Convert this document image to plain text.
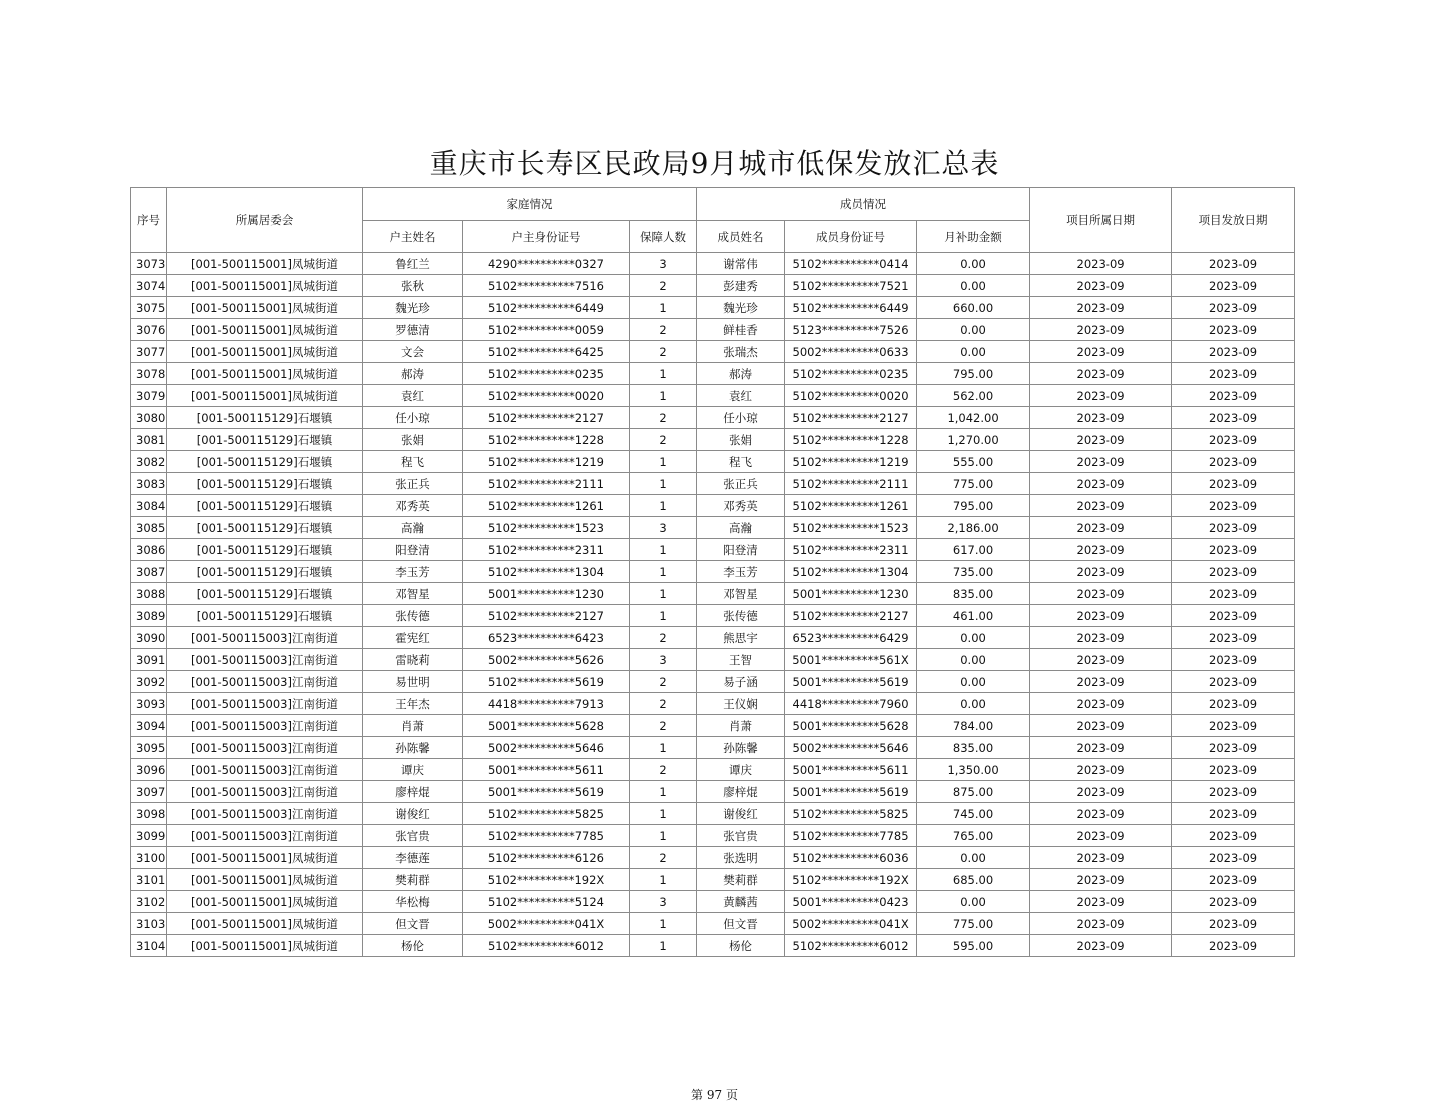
重庆市长寿区民政局9月城市低保发放汇总表
序号	所属居委会	家庭情况			成员情况			项目所属日期	项目发放日期
		户主姓名	户主身份证号	保障人数	成员姓名	成员身份证号	月补助金额		
3073	[001-500115001]凤城街道	鲁红兰	4290**********0327	3	谢常伟	5102**********0414	0.00	2023-09	2023-09
3074	[001-500115001]凤城街道	张秋	5102**********7516	2	彭建秀	5102**********7521	0.00	2023-09	2023-09
3075	[001-500115001]凤城街道	魏光珍	5102**********6449	1	魏光珍	5102**********6449	660.00	2023-09	2023-09
3076	[001-500115001]凤城街道	罗德清	5102**********0059	2	鲜桂香	5123**********7526	0.00	2023-09	2023-09
3077	[001-500115001]凤城街道	文会	5102**********6425	2	张瑞杰	5002**********0633	0.00	2023-09	2023-09
3078	[001-500115001]凤城街道	郝涛	5102**********0235	1	郝涛	5102**********0235	795.00	2023-09	2023-09
3079	[001-500115001]凤城街道	袁红	5102**********0020	1	袁红	5102**********0020	562.00	2023-09	2023-09
3080	[001-500115129]石堰镇	任小琼	5102**********2127	2	任小琼	5102**********2127	1,042.00	2023-09	2023-09
3081	[001-500115129]石堰镇	张娟	5102**********1228	2	张娟	5102**********1228	1,270.00	2023-09	2023-09
3082	[001-500115129]石堰镇	程飞	5102**********1219	1	程飞	5102**********1219	555.00	2023-09	2023-09
3083	[001-500115129]石堰镇	张正兵	5102**********2111	1	张正兵	5102**********2111	775.00	2023-09	2023-09
3084	[001-500115129]石堰镇	邓秀英	5102**********1261	1	邓秀英	5102**********1261	795.00	2023-09	2023-09
3085	[001-500115129]石堰镇	高瀚	5102**********1523	3	高瀚	5102**********1523	2,186.00	2023-09	2023-09
3086	[001-500115129]石堰镇	阳登清	5102**********2311	1	阳登清	5102**********2311	617.00	2023-09	2023-09
3087	[001-500115129]石堰镇	李玉芳	5102**********1304	1	李玉芳	5102**********1304	735.00	2023-09	2023-09
3088	[001-500115129]石堰镇	邓智星	5001**********1230	1	邓智星	5001**********1230	835.00	2023-09	2023-09
3089	[001-500115129]石堰镇	张传德	5102**********2127	1	张传德	5102**********2127	461.00	2023-09	2023-09
3090	[001-500115003]江南街道	霍宪红	6523**********6423	2	熊思宇	6523**********6429	0.00	2023-09	2023-09
3091	[001-500115003]江南街道	雷晓莉	5002**********5626	3	王智	5001**********561X	0.00	2023-09	2023-09
3092	[001-500115003]江南街道	易世明	5102**********5619	2	易子涵	5001**********5619	0.00	2023-09	2023-09
3093	[001-500115003]江南街道	王年杰	4418**********7913	2	王仪娴	4418**********7960	0.00	2023-09	2023-09
3094	[001-500115003]江南街道	肖萧	5001**********5628	2	肖萧	5001**********5628	784.00	2023-09	2023-09
3095	[001-500115003]江南街道	孙陈馨	5002**********5646	1	孙陈馨	5002**********5646	835.00	2023-09	2023-09
3096	[001-500115003]江南街道	谭庆	5001**********5611	2	谭庆	5001**********5611	1,350.00	2023-09	2023-09
3097	[001-500115003]江南街道	廖梓焜	5001**********5619	1	廖梓焜	5001**********5619	875.00	2023-09	2023-09
3098	[001-500115003]江南街道	谢俊红	5102**********5825	1	谢俊红	5102**********5825	745.00	2023-09	2023-09
3099	[001-500115003]江南街道	张官贵	5102**********7785	1	张官贵	5102**********7785	765.00	2023-09	2023-09
3100	[001-500115001]凤城街道	李德莲	5102**********6126	2	张选明	5102**********6036	0.00	2023-09	2023-09
3101	[001-500115001]凤城街道	樊莉群	5102**********192X	1	樊莉群	5102**********192X	685.00	2023-09	2023-09
3102	[001-500115001]凤城街道	华松梅	5102**********5124	3	黄麟茜	5001**********0423	0.00	2023-09	2023-09
3103	[001-500115001]凤城街道	但文晋	5002**********041X	1	但文晋	5002**********041X	775.00	2023-09	2023-09
3104	[001-500115001]凤城街道	杨伦	5102**********6012	1	杨伦	5102**********6012	595.00	2023-09	2023-09
第 97 页
